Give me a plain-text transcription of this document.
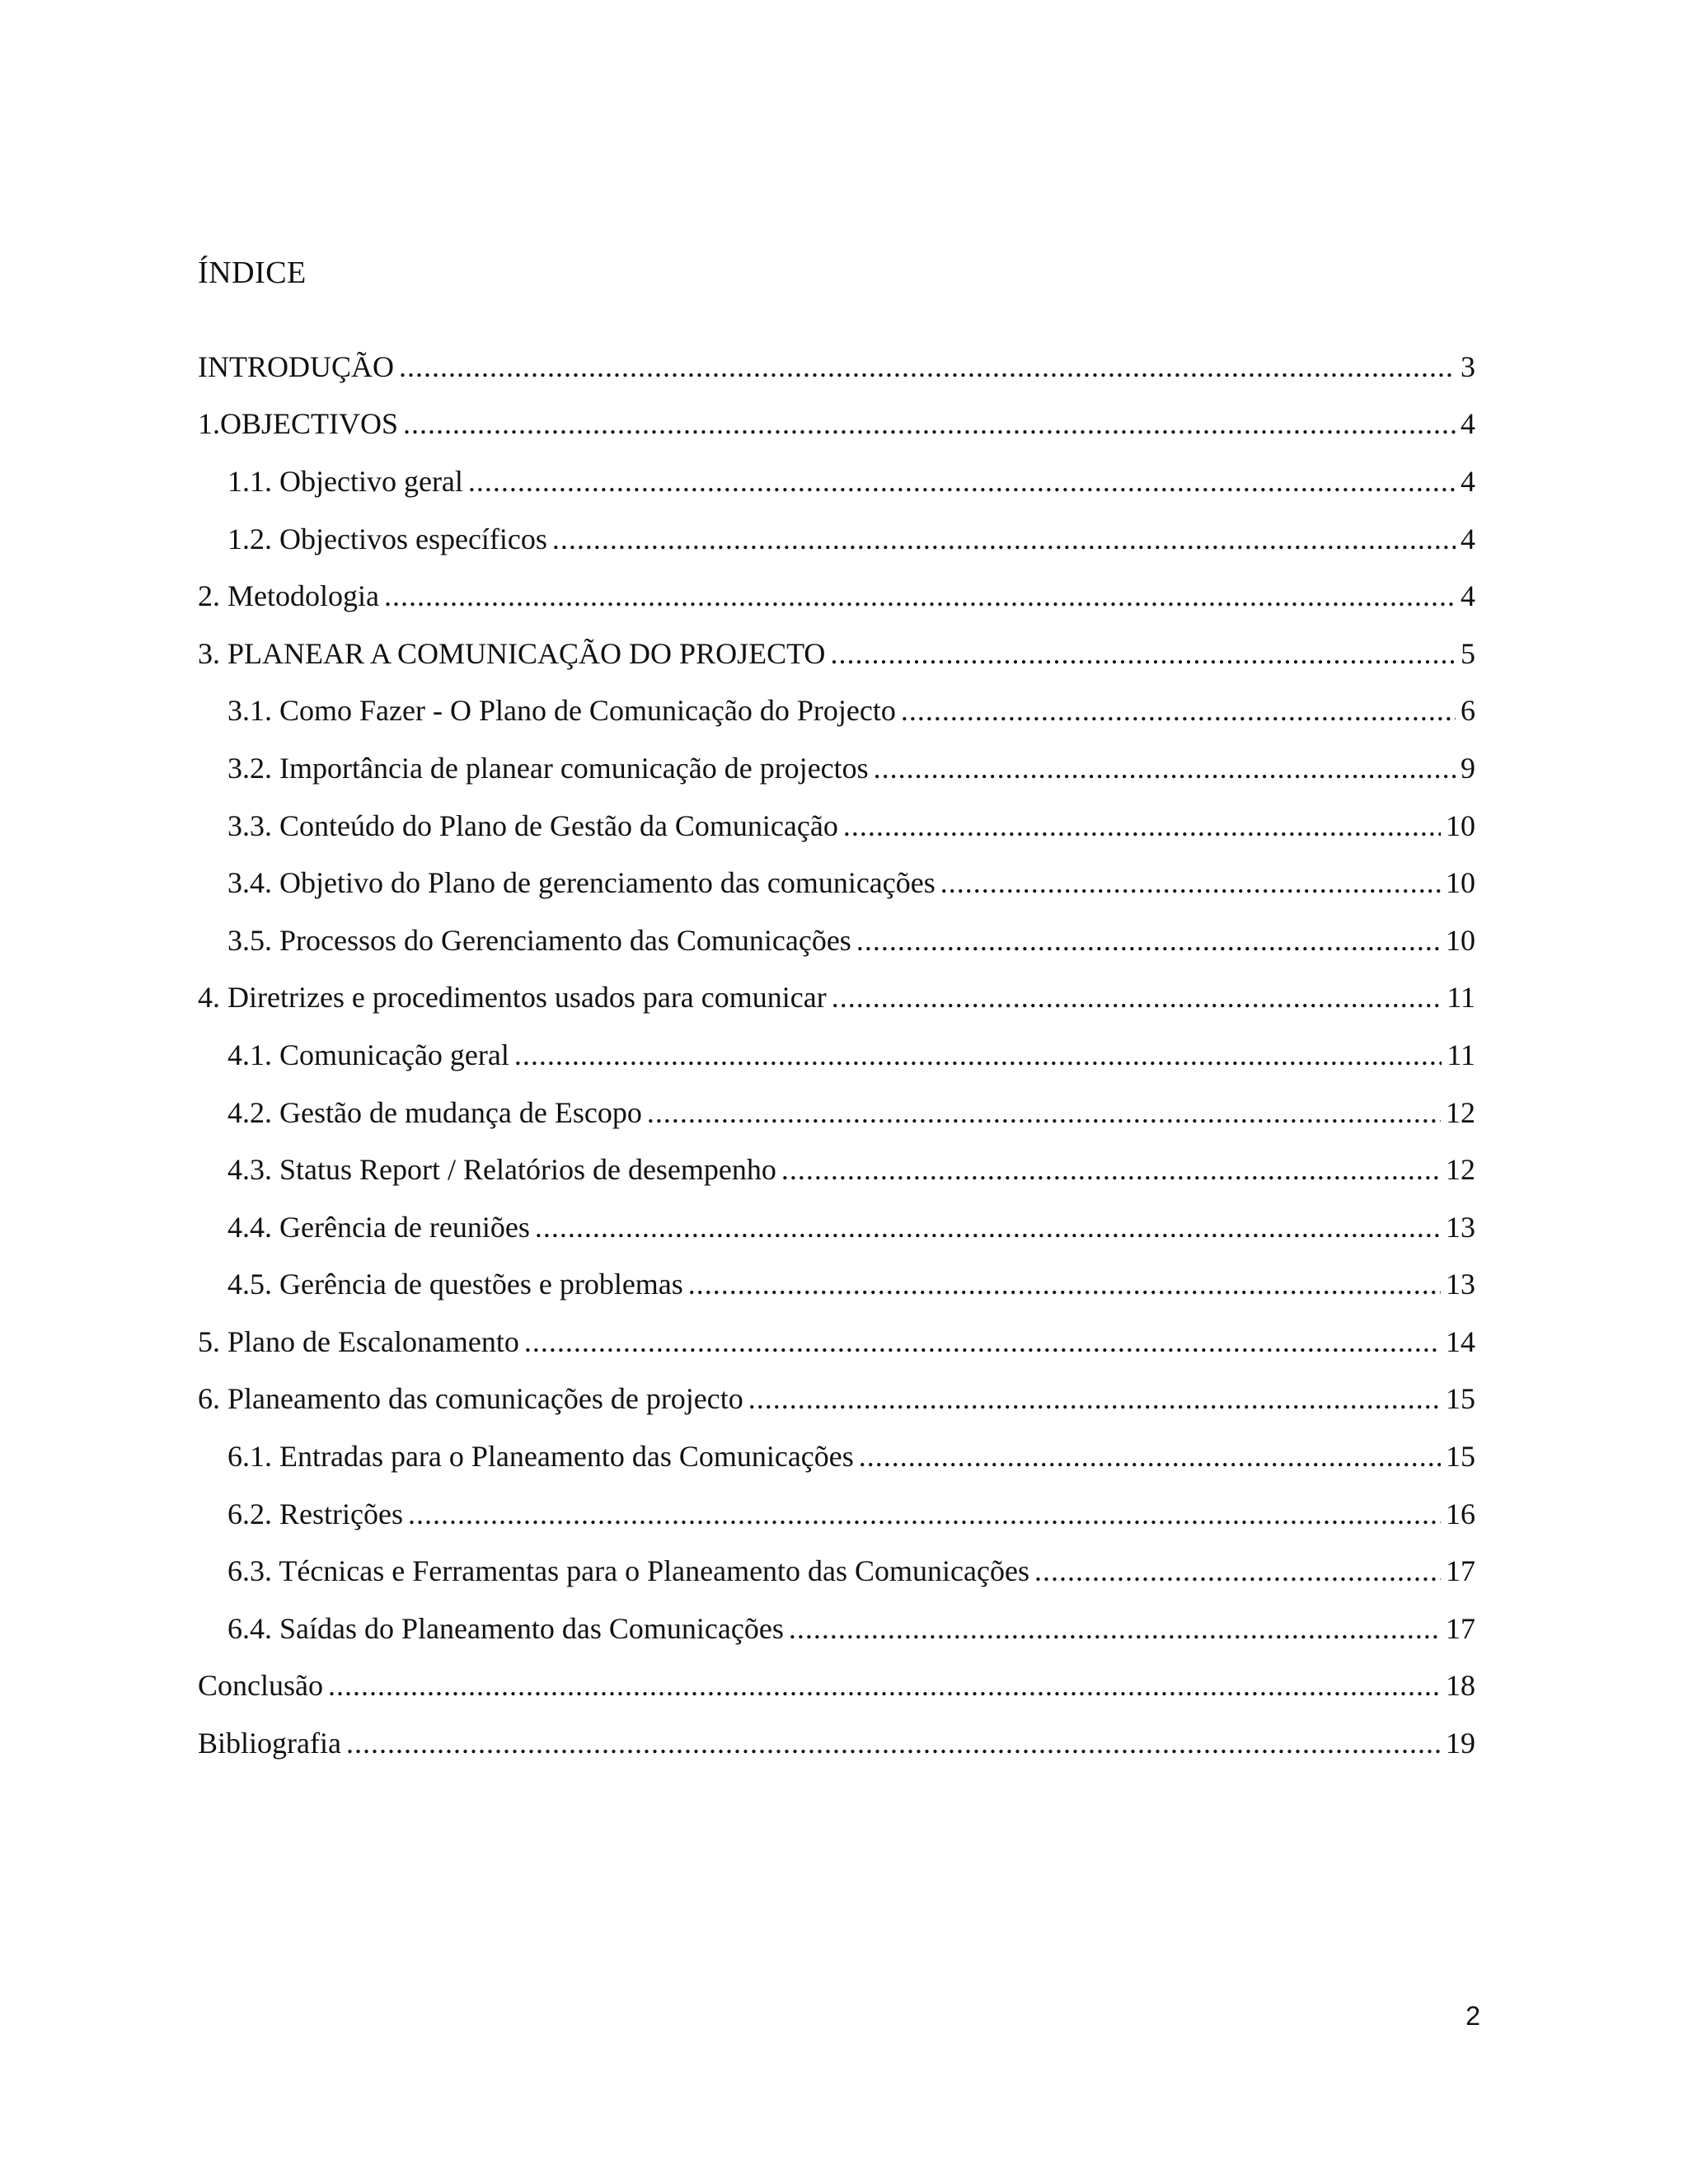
ÍNDICE
INTRODUÇÃO .....	3
1.OBJECTIVOS .....	4
1.1. Objectivo geral .....	4
1.2. Objectivos específicos .....	4
2. Metodologia .....	4
3. PLANEAR A COMUNICAÇÃO DO PROJECTO .....	5
3.1. Como Fazer - O Plano de Comunicação do Projecto .....	6
3.2. Importância de planear comunicação de projectos .....	9
3.3. Conteúdo do Plano de Gestão da Comunicação .....	10
3.4. Objetivo do Plano de gerenciamento das comunicações .....	10
3.5. Processos do Gerenciamento das Comunicações .....	10
4. Diretrizes e procedimentos usados para comunicar .....	11
4.1. Comunicação geral .....	11
4.2. Gestão de mudança de Escopo .....	12
4.3. Status Report / Relatórios de desempenho .....	12
4.4. Gerência de reuniões .....	13
4.5. Gerência de questões e problemas .....	13
5. Plano de Escalonamento .....	14
6. Planeamento das comunicações de projecto .....	15
6.1. Entradas para o Planeamento das Comunicações .....	15
6.2. Restrições .....	16
6.3. Técnicas e Ferramentas para o Planeamento das Comunicações .....	17
6.4. Saídas do Planeamento das Comunicações .....	17
Conclusão .....	18
Bibliografia .....	19
2
